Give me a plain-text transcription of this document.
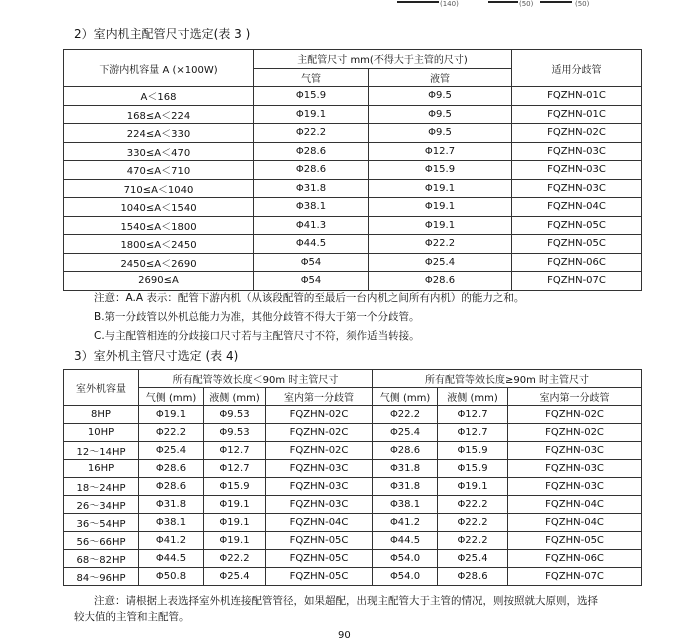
(140)	(50)	(50)
2）室内机主配管尺寸选定(表 3 )
下游内机容量 A (×100W)	主配管尺寸 mm(不得大于主管的尺寸)		适用分歧管
	气管	液管	
A＜168	Φ15.9	Φ9.5	FQZHN-01C
168≤A＜224	Φ19.1	Φ9.5	FQZHN-01C
224≤A＜330	Φ22.2	Φ9.5	FQZHN-02C
330≤A＜470	Φ28.6	Φ12.7	FQZHN-03C
470≤A＜710	Φ28.6	Φ15.9	FQZHN-03C
710≤A＜1040	Φ31.8	Φ19.1	FQZHN-03C
1040≤A＜1540	Φ38.1	Φ19.1	FQZHN-04C
1540≤A＜1800	Φ41.3	Φ19.1	FQZHN-05C
1800≤A＜2450	Φ44.5	Φ22.2	FQZHN-05C
2450≤A＜2690	Φ54	Φ25.4	FQZHN-06C
2690≤A	Φ54	Φ28.6	FQZHN-07C
注意：A.A 表示：配管下游内机（从该段配管的至最后一台内机之间所有内机）的能力之和。
B.第一分歧管以外机总能力为准，其他分歧管不得大于第一个分歧管。
C.与主配管相连的分歧接口尺寸若与主配管尺寸不符，须作适当转接。
3）室外机主管尺寸选定 (表 4)
室外机容量	所有配管等效长度＜90m 时主管尺寸			所有配管等效长度≥90m 时主管尺寸		
	气侧 (mm)	液侧 (mm)	室内第一分歧管	气侧 (mm)	液侧 (mm)	室内第一分歧管
8HP	Φ19.1	Φ9.53	FQZHN-02C	Φ22.2	Φ12.7	FQZHN-02C
10HP	Φ22.2	Φ9.53	FQZHN-02C	Φ25.4	Φ12.7	FQZHN-02C
12～14HP	Φ25.4	Φ12.7	FQZHN-02C	Φ28.6	Φ15.9	FQZHN-03C
16HP	Φ28.6	Φ12.7	FQZHN-03C	Φ31.8	Φ15.9	FQZHN-03C
18～24HP	Φ28.6	Φ15.9	FQZHN-03C	Φ31.8	Φ19.1	FQZHN-03C
26～34HP	Φ31.8	Φ19.1	FQZHN-03C	Φ38.1	Φ22.2	FQZHN-04C
36～54HP	Φ38.1	Φ19.1	FQZHN-04C	Φ41.2	Φ22.2	FQZHN-04C
56～66HP	Φ41.2	Φ19.1	FQZHN-05C	Φ44.5	Φ22.2	FQZHN-05C
68～82HP	Φ44.5	Φ22.2	FQZHN-05C	Φ54.0	Φ25.4	FQZHN-06C
84～96HP	Φ50.8	Φ25.4	FQZHN-05C	Φ54.0	Φ28.6	FQZHN-07C
注意：请根据上表选择室外机连接配管管径，如果超配，出现主配管大于主管的情况，则按照就大原则，选择
较大值的主管和主配管。
90
